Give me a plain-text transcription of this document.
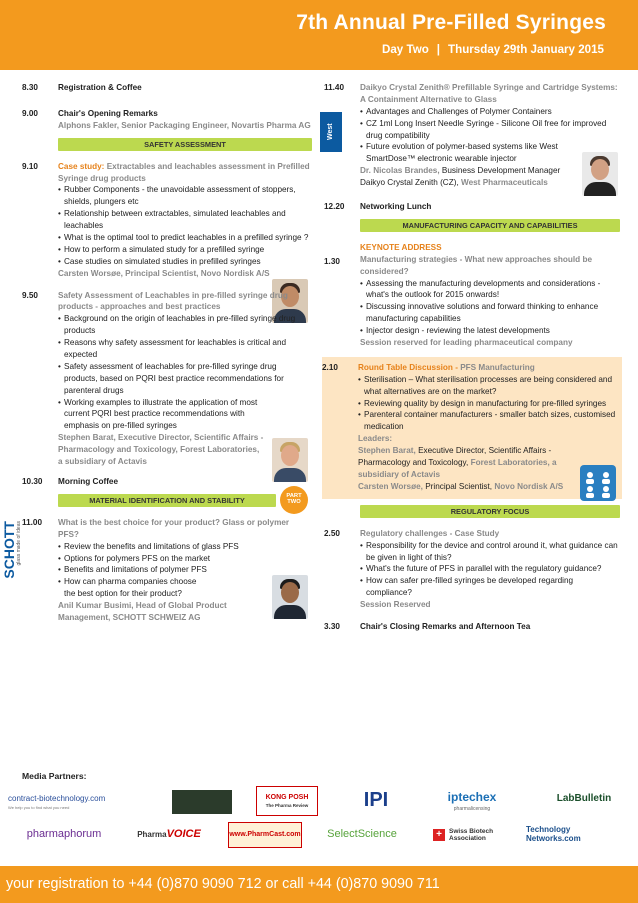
7th Annual Pre-Filled Syringes
Day Two | Thursday 29th January 2015
8.30 Registration & Coffee
9.00 Chair's Opening Remarks
Alphons Fakler, Senior Packaging Engineer, Novartis Pharma AG
SAFETY ASSESSMENT
9.10 Case study: Extractables and leachables assessment in Prefilled Syringe drug products
• Rubber Components - the unavoidable assessment of stoppers, shields, plungers etc
• Relationship between extractables, simulated leachables and leachables
• What is the optimal tool to predict leachables in a prefilled syringe ?
• How to perform a simulated study for a prefilled syringe
• Case studies on simulated studies in prefilled syringes
Carsten Worsøe, Principal Scientist, Novo Nordisk A/S
9.50 Safety Assessment of Leachables in pre-filled syringe drug products - approaches and best practices
• Background on the origin of leachables in pre-filled syringe drug products
• Reasons why safety assessment for leachables is critical and expected
• Safety assessment of leachables for pre-filled syringe drug products, based on PQRI best practice recommendations for parenteral drugs
• Working examples to illustrate the application of most current PQRI best practice recommendations with emphasis on pre-filled syringes
Stephen Barat, Executive Director, Scientific Affairs - Pharmacology and Toxicology, Forest Laboratories, a subsidiary of Actavis
10.30 Morning Coffee
MATERIAL IDENTIFICATION AND STABILITY	PART TWO
11.00 What is the best choice for your product? Glass or polymer PFS?
• Review the benefits and limitations of glass PFS
• Options for polymers PFS on the market
• Benefits and limitations of polymer PFS
• How can pharma companies choose the best option for their product?
Anil Kumar Busimi, Head of Global Product Management, SCHOTT SCHWEIZ AG
SCHOTT glass made of ideas
11.40 Daikyo Crystal Zenith® Prefillable Syringe and Cartridge Systems: A Containment Alternative to Glass
• Advantages and Challenges of Polymer Containers
• CZ 1ml Long Insert Needle Syringe - Silicone Oil free for improved drug compatibility
• Future evolution of polymer-based systems like West SmartDose™ electronic wearable injector
Dr. Nicolas Brandes, Business Development Manager Daikyo Crystal Zenith (CZ), West Pharmaceuticals
West
12.20 Networking Lunch
MANUFACTURING CAPACITY AND CAPABILITIES
KEYNOTE ADDRESS
1.30 Manufacturing strategies - What new approaches should be considered?
• Assessing the manufacturing developments and considerations - what's the outlook for 2015 onwards!
• Discussing innovative solutions and forward thinking to enhance manufacturing capabilities
• Injector design - reviewing the latest developments
Session reserved for leading pharmaceutical company
2.10 Round Table Discussion - PFS Manufacturing
• Sterilisation – What sterilisation processes are being considered and what alternatives are on the market?
• Reviewing quality by design in manufacturing for pre-filled syringes
• Parenteral container manufacturers - smaller batch sizes, customised medication
Leaders:
Stephen Barat, Executive Director, Scientific Affairs - Pharmacology and Toxicology, Forest Laboratories, a subsidiary of Actavis
Carsten Worsøe, Principal Scientist, Novo Nordisk A/S
REGULATORY FOCUS
2.50 Regulatory challenges - Case Study
• Responsibility for the device and control around it, what guidance can be given in light of this?
• What's the future of PFS in parallel with the regulatory guidance?
• How can safer pre-filled syringes be developed regarding compliance?
Session Reserved
3.30 Chair's Closing Remarks and Afternoon Tea
Media Partners:
contract-biotechnology.com
We help you to find what you need
KONG POSH
The Pharma Review	IPI	iptechex
pharmalicensing
LabBulletin
pharmaphorum	Pharma VOICE	www.PharmCast.com	SelectScience	+	Swiss Biotech Association
Technology Networks.com
your registration to +44 (0)870 9090 712 or call +44 (0)870 9090 711
